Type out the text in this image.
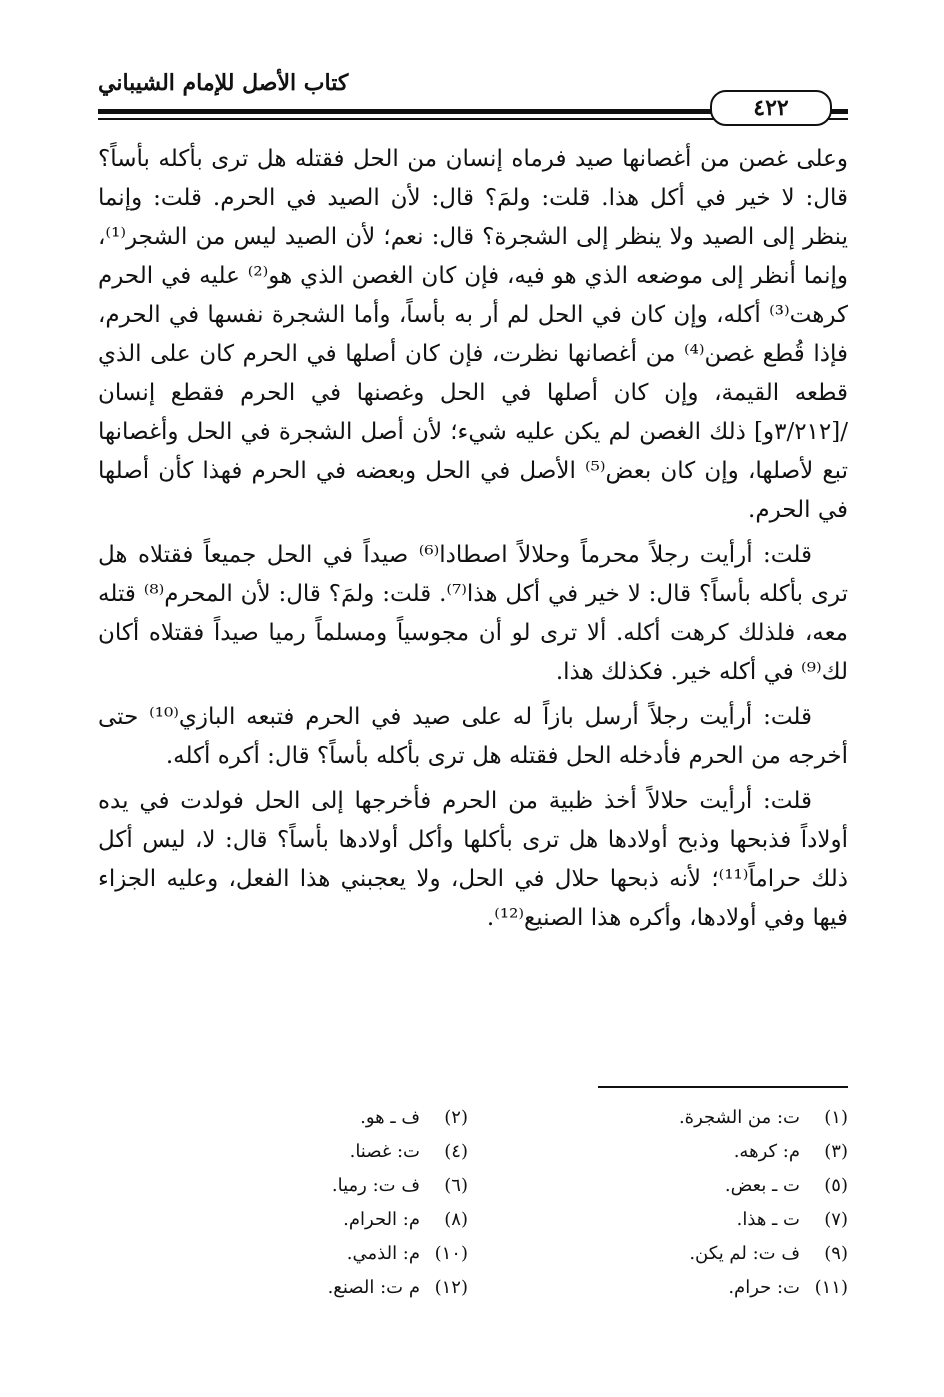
كتاب الأصل للإمام الشيباني
٤٢٢

وعلى غصن من أغصانها صيد فرماه إنسان من الحل فقتله هل ترى بأكله بأساً؟ قال: لا خير في أكل هذا. قلت: ولمَ؟ قال: لأن الصيد في الحرم. قلت: وإنما ينظر إلى الصيد ولا ينظر إلى الشجرة؟ قال: نعم؛ لأن الصيد ليس من الشجر⁽¹⁾، وإنما أنظر إلى موضعه الذي هو فيه، فإن كان الغصن الذي هو⁽²⁾ عليه في الحرم كرهت⁽³⁾ أكله، وإن كان في الحل لم أر به بأساً، وأما الشجرة نفسها في الحرم، فإذا قُطع غصن⁽⁴⁾ من أغصانها نظرت، فإن كان أصلها في الحرم كان على الذي قطعه القيمة، وإن كان أصلها في الحل وغصنها في الحرم فقطع إنسان /[٣/٢١٢و] ذلك الغصن لم يكن عليه شيء؛ لأن أصل الشجرة في الحل وأغصانها تبع لأصلها، وإن كان بعض⁽⁵⁾ الأصل في الحل وبعضه في الحرم فهذا كأن أصلها في الحرم.

قلت: أرأيت رجلاً محرماً وحلالاً اصطادا⁽⁶⁾ صيداً في الحل جميعاً فقتلاه هل ترى بأكله بأساً؟ قال: لا خير في أكل هذا⁽⁷⁾. قلت: ولمَ؟ قال: لأن المحرم⁽⁸⁾ قتله معه، فلذلك كرهت أكله. ألا ترى لو أن مجوسياً ومسلماً رميا صيداً فقتلاه أكان لك⁽⁹⁾ في أكله خير. فكذلك هذا.

قلت: أرأيت رجلاً أرسل بازاً له على صيد في الحرم فتبعه البازي⁽¹⁰⁾ حتى أخرجه من الحرم فأدخله الحل فقتله هل ترى بأكله بأساً؟ قال: أكره أكله.

قلت: أرأيت حلالاً أخذ ظبية من الحرم فأخرجها إلى الحل فولدت في يده أولاداً فذبحها وذبح أولادها هل ترى بأكلها وأكل أولادها بأساً؟ قال: لا، ليس أكل ذلك حراماً⁽¹¹⁾؛ لأنه ذبحها حلال في الحل، ولا يعجبني هذا الفعل، وعليه الجزاء فيها وفي أولادها، وأكره هذا الصنيع⁽¹²⁾.

(١)
ت: من الشجرة.
(٢)
ف ـ هو.
(٣)
م: كرهه.
(٤)
ت: غصنا.
(٥)
ت ـ بعض.
(٦)
ف ت: رميا.
(٧)
ت ـ هذا.
(٨)
م: الحرام.
(٩)
ف ت: لم يكن.
(١٠)
م: الذمي.
(١١)
ت: حرام.
(١٢)
م ت: الصنع.
